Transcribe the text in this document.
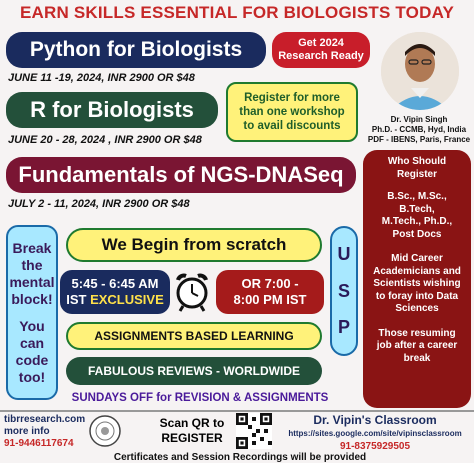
EARN SKILLS ESSENTIAL FOR BIOLOGISTS TODAY
Python for Biologists
JUNE 11 -19, 2024, INR 2900 OR $48
Get 2024
Research Ready
R for Biologists
JUNE 20 - 28, 2024 , INR 2900 OR $48
Register for more
than one workshop
to avail discounts
Dr. Vipin Singh
Ph.D. - CCMB, Hyd, India
PDF - IBENS, Paris, France
Fundamentals of NGS-DNASeq
JULY 2 - 11, 2024, INR 2900 OR $48
Who Should
Register
B.Sc., M.Sc.,
B.Tech,
M.Tech., Ph.D.,
Post Docs
Mid Career
Academicians and
Scientists wishing
to foray into Data
Sciences
Those resuming
job after a career
break
Break
the
mental
block!
You
can
code
too!
We Begin from scratch
5:45 - 6:45 AM
IST EXCLUSIVE
OR 7:00 -
8:00 PM IST
U
S
P
ASSIGNMENTS BASED LEARNING
FABULOUS REVIEWS - WORLDWIDE
SUNDAYS OFF for REVISION & ASSIGNMENTS
tibrresearch.com
more info
91-9446117674
Scan QR to
REGISTER
Dr. Vipin's Classroom
https://sites.google.com/site/vipinsclassroom
91-8375929505
Certificates and Session Recordings will be provided
